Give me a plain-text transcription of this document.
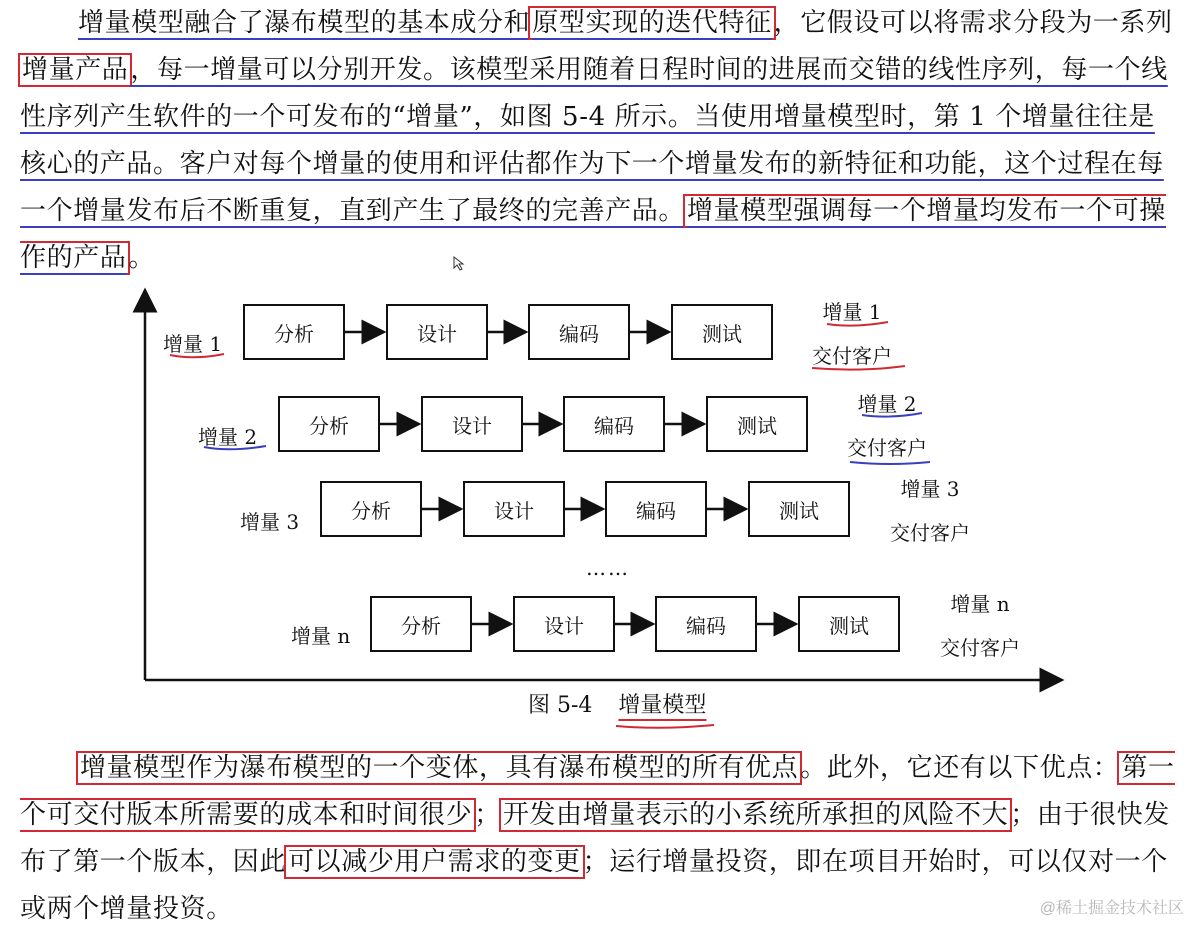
增量模型融合了瀑布模型的基本成分和原型实现的迭代特征，它假设可以将需求分段为一系列增量产品，每一增量可以分别开发。该模型采用随着日程时间的进展而交错的线性序列，每一个线性序列产生软件的一个可发布的“增量”，如图 5-4 所示。当使用增量模型时，第 1 个增量往往是核心的产品。客户对每个增量的使用和评估都作为下一个增量发布的新特征和功能，这个过程在每一个增量发布后不断重复，直到产生了最终的完善产品。增量模型强调每一个增量均发布一个可操作的产品。

增量 1	分析	设计	编码	测试
增量 1
交付客户
增量 2	分析	设计	编码	测试
增量 2
交付客户
增量 3	分析	设计	编码	测试
增量 3
交付客户
……
增量 n	分析	设计	编码	测试
增量 n
交付客户
图 5-4 增量模型

增量模型作为瀑布模型的一个变体，具有瀑布模型的所有优点。此外，它还有以下优点：第一个可交付版本所需要的成本和时间很少；开发由增量表示的小系统所承担的风险不大；由于很快发布了第一个版本，因此可以减少用户需求的变更；运行增量投资，即在项目开始时，可以仅对一个或两个增量投资。	@稀土掘金技术社区
